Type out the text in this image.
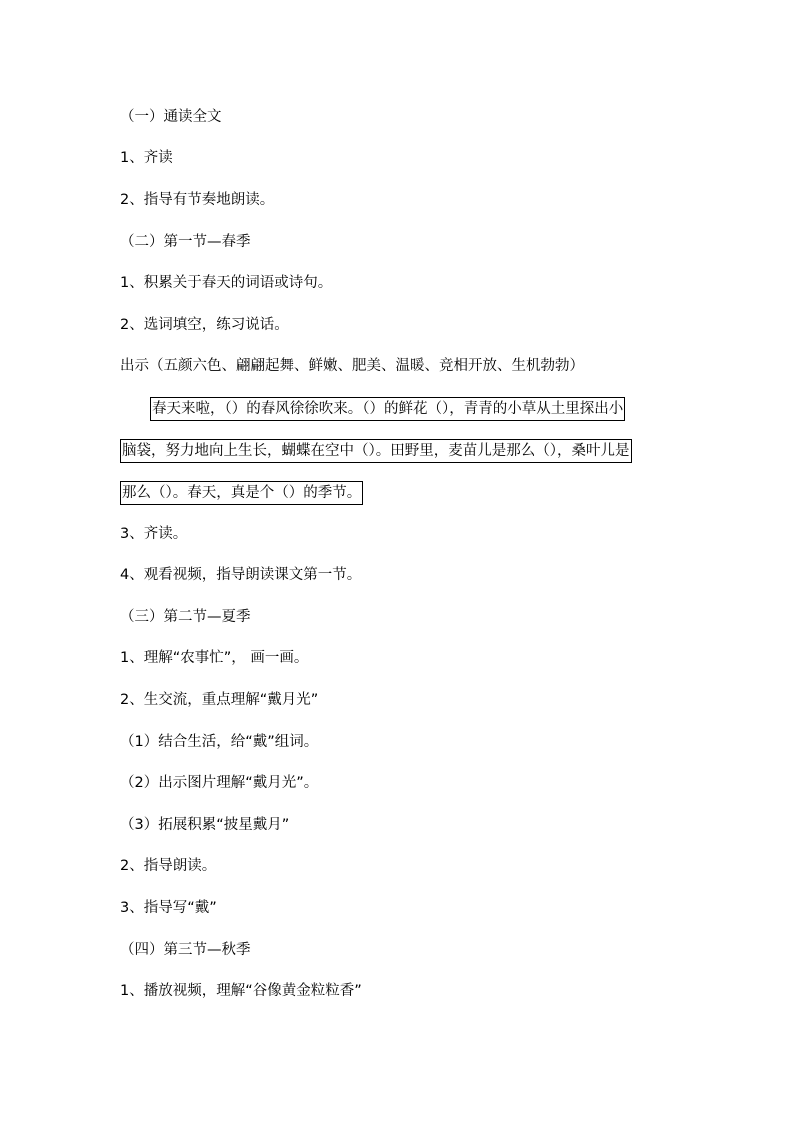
（一）通读全文
1、齐读
2、指导有节奏地朗读。
（二）第一节—春季
1、积累关于春天的词语或诗句。
2、选词填空，练习说话。
出示（五颜六色、翩翩起舞、鲜嫩、肥美、温暖、竞相开放、生机勃勃）
春天来啦，（）的春风徐徐吹来。（）的鲜花（），青青的小草从土里探出小
脑袋，努力地向上生长，蝴蝶在空中（）。田野里，麦苗儿是那么（），桑叶儿是
那么（）。春天，真是个（）的季节。
3、齐读。
4、观看视频，指导朗读课文第一节。
（三）第二节—夏季
1、理解“农事忙”， 画一画。
2、生交流，重点理解“戴月光”
（1）结合生活，给“戴”组词。
（2）出示图片理解“戴月光”。
（3）拓展积累“披星戴月”
2、指导朗读。
3、指导写“戴”
（四）第三节—秋季
1、播放视频，理解“谷像黄金粒粒香”
